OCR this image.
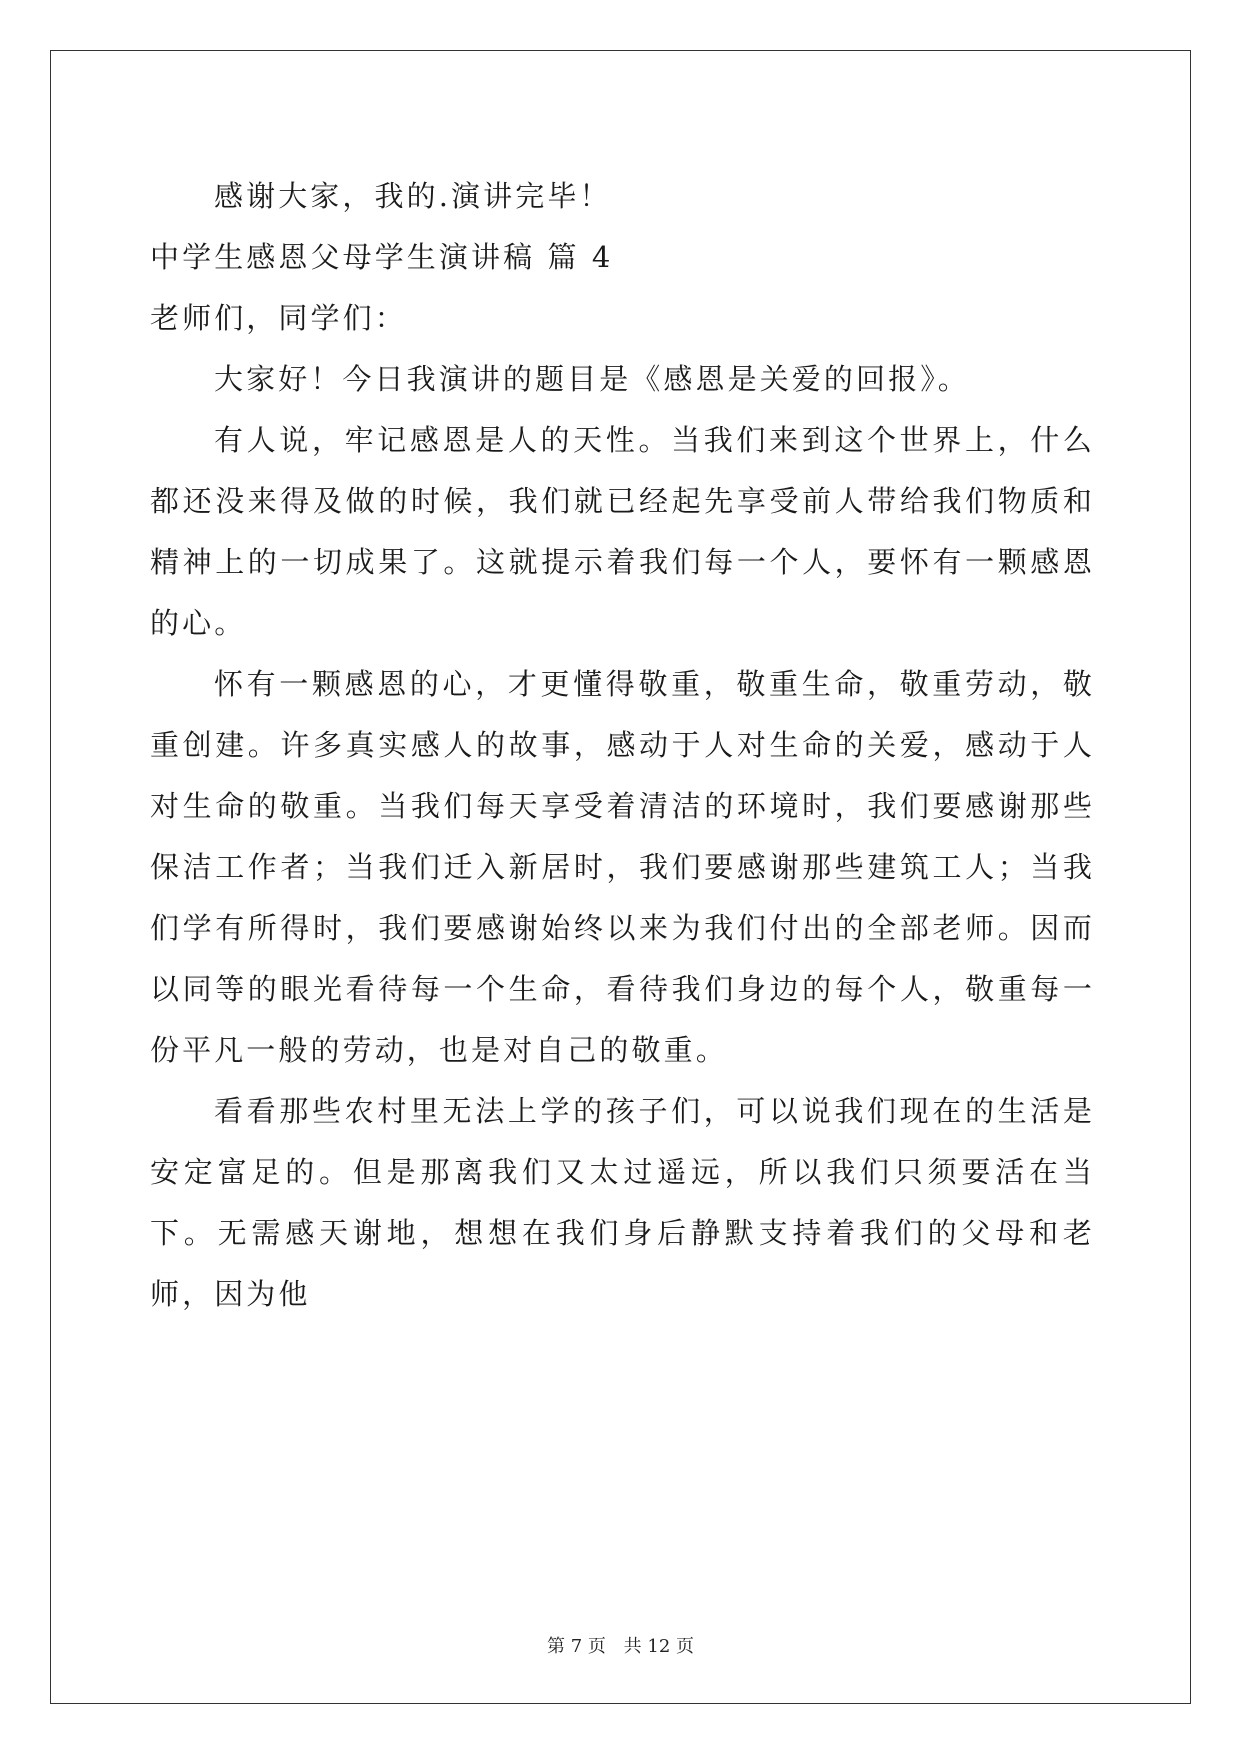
感谢大家，我的.演讲完毕！
中学生感恩父母学生演讲稿 篇 4
老师们，同学们：

大家好！今日我演讲的题目是《感恩是关爱的回报》。

有人说，牢记感恩是人的天性。当我们来到这个世界上，什么都还没来得及做的时候，我们就已经起先享受前人带给我们物质和精神上的一切成果了。这就提示着我们每一个人，要怀有一颗感恩的心。

怀有一颗感恩的心，才更懂得敬重，敬重生命，敬重劳动，敬重创建。许多真实感人的故事，感动于人对生命的关爱，感动于人对生命的敬重。当我们每天享受着清洁的环境时，我们要感谢那些保洁工作者；当我们迁入新居时，我们要感谢那些建筑工人；当我们学有所得时，我们要感谢始终以来为我们付出的全部老师。因而以同等的眼光看待每一个生命，看待我们身边的每个人，敬重每一份平凡一般的劳动，也是对自己的敬重。

看看那些农村里无法上学的孩子们，可以说我们现在的生活是安定富足的。但是那离我们又太过遥远，所以我们只须要活在当下。无需感天谢地，想想在我们身后静默支持着我们的父母和老师，因为他

第 7 页 共 12 页
